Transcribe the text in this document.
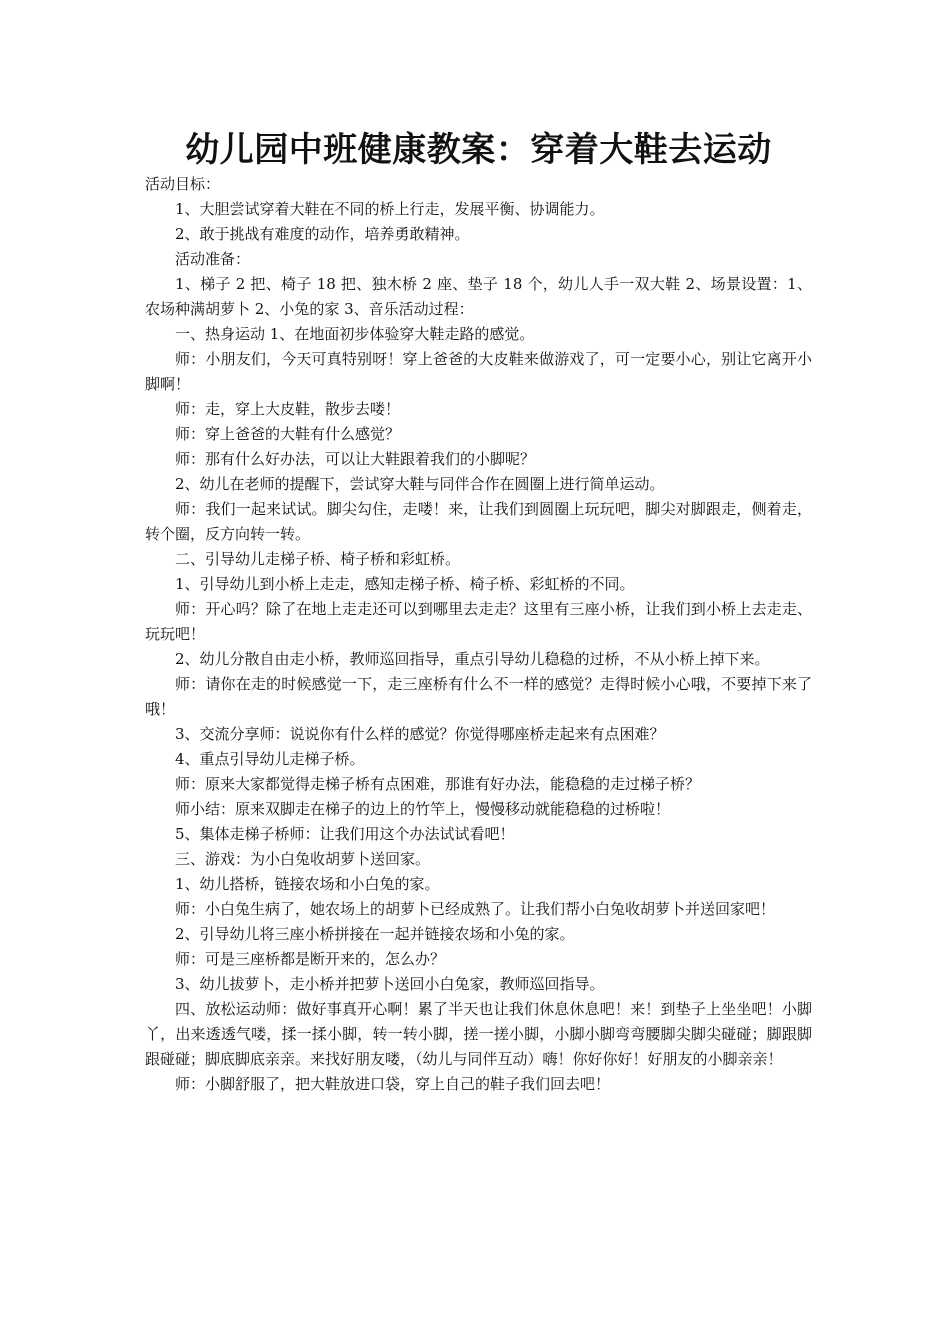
幼儿园中班健康教案：穿着大鞋去运动

活动目标：

1、大胆尝试穿着大鞋在不同的桥上行走，发展平衡、协调能力。

2、敢于挑战有难度的动作，培养勇敢精神。

活动准备：

1、梯子 2 把、椅子 18 把、独木桥 2 座、垫子 18 个，幼儿人手一双大鞋 2、场景设置：1、农场种满胡萝卜 2、小兔的家 3、音乐活动过程：

一、热身运动 1、在地面初步体验穿大鞋走路的感觉。

师：小朋友们，今天可真特别呀！穿上爸爸的大皮鞋来做游戏了，可一定要小心，别让它离开小脚啊！

师：走，穿上大皮鞋，散步去喽！

师：穿上爸爸的大鞋有什么感觉？

师：那有什么好办法，可以让大鞋跟着我们的小脚呢？

2、幼儿在老师的提醒下，尝试穿大鞋与同伴合作在圆圈上进行简单运动。

师：我们一起来试试。脚尖勾住，走喽！来，让我们到圆圈上玩玩吧，脚尖对脚跟走，侧着走，转个圈，反方向转一转。

二、引导幼儿走梯子桥、椅子桥和彩虹桥。

1、引导幼儿到小桥上走走，感知走梯子桥、椅子桥、彩虹桥的不同。

师：开心吗？除了在地上走走还可以到哪里去走走？这里有三座小桥，让我们到小桥上去走走、玩玩吧！

2、幼儿分散自由走小桥，教师巡回指导，重点引导幼儿稳稳的过桥，不从小桥上掉下来。

师：请你在走的时候感觉一下，走三座桥有什么不一样的感觉？走得时候小心哦，不要掉下来了哦！

3、交流分享师：说说你有什么样的感觉？你觉得哪座桥走起来有点困难？

4、重点引导幼儿走梯子桥。

师：原来大家都觉得走梯子桥有点困难，那谁有好办法，能稳稳的走过梯子桥？

师小结：原来双脚走在梯子的边上的竹竿上，慢慢移动就能稳稳的过桥啦！

5、集体走梯子桥师：让我们用这个办法试试看吧！

三、游戏：为小白兔收胡萝卜送回家。

1、幼儿搭桥，链接农场和小白兔的家。

师：小白兔生病了，她农场上的胡萝卜已经成熟了。让我们帮小白兔收胡萝卜并送回家吧！

2、引导幼儿将三座小桥拼接在一起并链接农场和小兔的家。

师：可是三座桥都是断开来的，怎么办？

3、幼儿拔萝卜，走小桥并把萝卜送回小白兔家，教师巡回指导。

四、放松运动师：做好事真开心啊！累了半天也让我们休息休息吧！来！到垫子上坐坐吧！小脚丫，出来透透气喽，揉一揉小脚，转一转小脚，搓一搓小脚，小脚小脚弯弯腰脚尖脚尖碰碰；脚跟脚跟碰碰；脚底脚底亲亲。来找好朋友喽，（幼儿与同伴互动）嗨！你好你好！好朋友的小脚亲亲！

师：小脚舒服了，把大鞋放进口袋，穿上自己的鞋子我们回去吧！
